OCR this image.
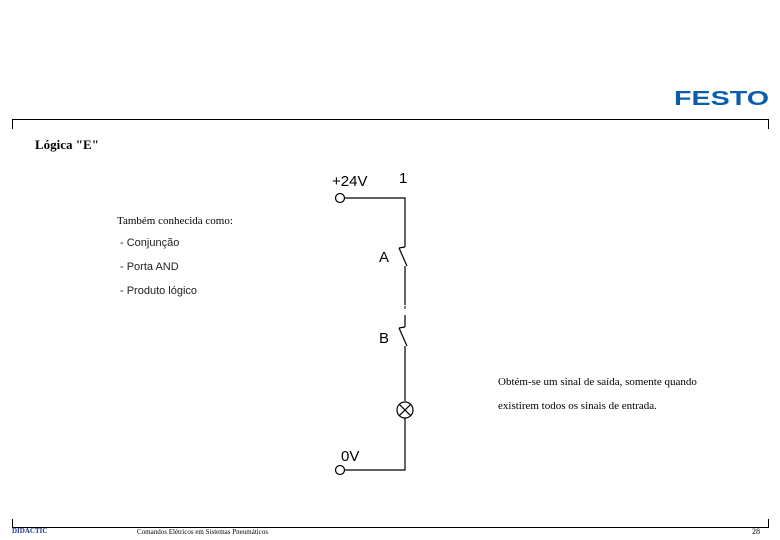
FESTO
Lógica "E"
Também conhecida como:
- Conjunção
- Porta AND
- Produto lógico
Obtém-se um sinal de saída, somente quando
existirem todos os sinais de entrada.
+24V 1
A
B
0V
DIDACTIC	Comandos Elétricos em Sistemas Pneumáticos	28
